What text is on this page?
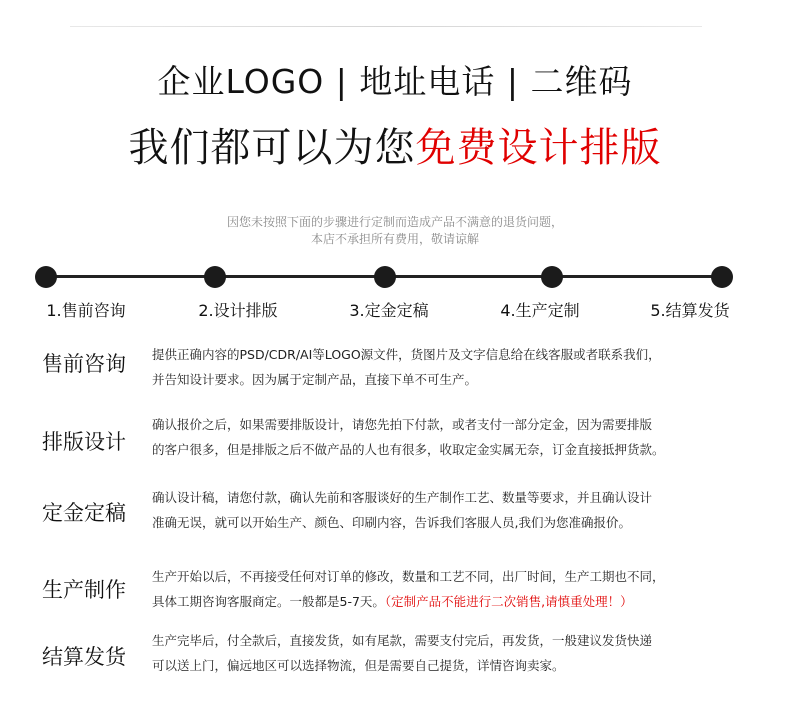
企业LOGO | 地址电话 | 二维码
我们都可以为您免费设计排版
因您未按照下面的步骤进行定制而造成产品不满意的退货问题，
本店不承担所有费用，敬请谅解
1.售前咨询	2.设计排版	3.定金定稿	4.生产定制	5.结算发货
售前咨询 提供正确内容的PSD/CDR/AI等LOGO源文件，货图片及文字信息给在线客服或者联系我们，
并告知设计要求。因为属于定制产品，直接下单不可生产。
排版设计
确认报价之后，如果需要排版设计，请您先拍下付款，或者支付一部分定金，因为需要排版
的客户很多，但是排版之后不做产品的人也有很多，收取定金实属无奈，订金直接抵押货款。
定金定稿
确认设计稿，请您付款，确认先前和客服谈好的生产制作工艺、数量等要求，并且确认设计
准确无误，就可以开始生产、颜色、印刷内容，告诉我们客服人员,我们为您准确报价。
生产制作
生产开始以后，不再接受任何对订单的修改，数量和工艺不同，出厂时间，生产工期也不同，
具体工期咨询客服商定。一般都是5-7天。（定制产品不能进行二次销售,请慎重处理！）
结算发货
生产完毕后，付全款后，直接发货，如有尾款，需要支付完后，再发货，一般建议发货快递
可以送上门，偏远地区可以选择物流，但是需要自己提货，详情咨询卖家。
